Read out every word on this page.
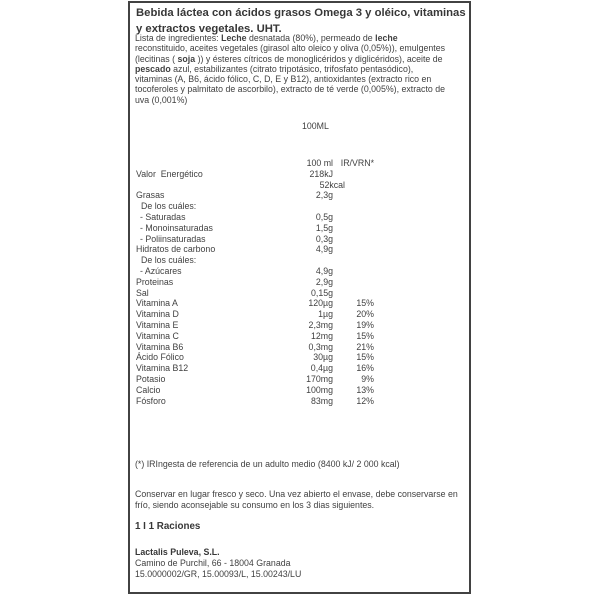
Bebida láctea con ácidos grasos Omega 3 y oléico, vitaminas
y extractos vegetales. UHT.
Lista de ingredientes: Leche desnatada (80%), permeado de leche
reconstituido, aceites vegetales (girasol alto oleico y oliva (0,05%)), emulgentes
(lecitinas ( soja )) y ésteres cítricos de monoglicéridos y diglicéridos), aceite de
pescado azul, estabilizantes (citrato tripotásico, trifosfato pentasódico),
vitaminas (A, B6, ácido fólico, C, D, E y B12), antioxidantes (extracto rico en
tocoferoles y palmitato de ascorbilo), extracto de té verde (0,005%), extracto de
uva (0,001%)
100ML
100 ml IR/VRN*
Valor  Energético	218kJ
52kcal
Grasas	2,3g
De los cuáles:
- Saturadas	0,5g
- Monoinsaturadas	1,5g
- Poliinsaturadas	0,3g
Hidratos de carbono	4,9g
De los cuáles:
- Azúcares	4,9g
Proteinas	2,9g
Sal	0,15g
Vitamina A	120µg	15%
Vitamina D	1µg	20%
Vitamina E	2,3mg	19%
Vitamina C	12mg	15%
Vitamina B6	0,3mg	21%
Ácido Fólico	30µg	15%
Vitamina B12	0,4µg	16%
Potasio	170mg	9%
Calcio	100mg	13%
Fósforo	83mg	12%
(*) IRIngesta de referencia de un adulto medio (8400 kJ/ 2 000 kcal)
Conservar en lugar fresco y seco. Una vez abierto el envase, debe conservarse en
frío, siendo aconsejable su consumo en los 3 dias siguientes.
1 I 1 Raciones
Lactalis Puleva, S.L.
Camino de Purchil, 66 - 18004 Granada
15.0000002/GR, 15.00093/L, 15.00243/LU
